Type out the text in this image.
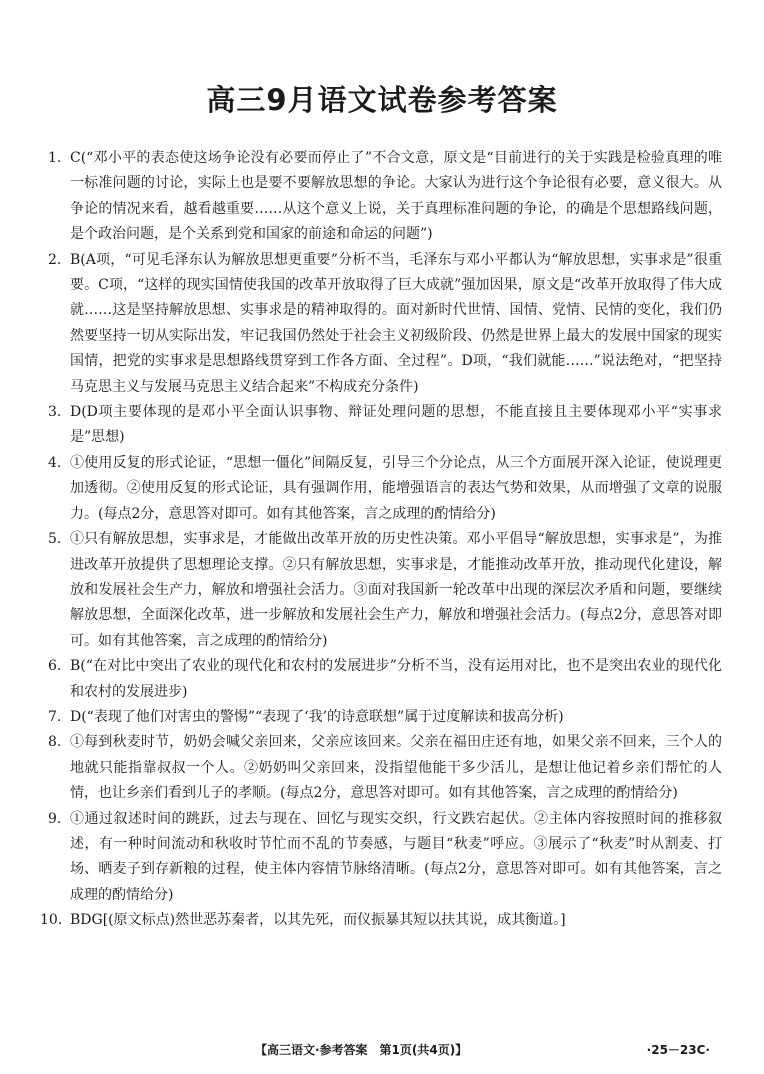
高三9月语文试卷参考答案

1. C(“邓小平的表态使这场争论没有必要而停止了”不合文意，原文是“目前进行的关于实践是检验真理的唯一标准问题的讨论，实际上也是要不要解放思想的争论。大家认为进行这个争论很有必要，意义很大。从争论的情况来看，越看越重要……从这个意义上说，关于真理标准问题的争论，的确是个思想路线问题，是个政治问题，是个关系到党和国家的前途和命运的问题”)

2. B(A项，“可见毛泽东认为解放思想更重要”分析不当，毛泽东与邓小平都认为“解放思想，实事求是”很重要。C项，“这样的现实国情使我国的改革开放取得了巨大成就”强加因果，原文是“改革开放取得了伟大成就……这是坚持解放思想、实事求是的精神取得的。面对新时代世情、国情、党情、民情的变化，我们仍然要坚持一切从实际出发，牢记我国仍然处于社会主义初级阶段、仍然是世界上最大的发展中国家的现实国情，把党的实事求是思想路线贯穿到工作各方面、全过程”。D项，“我们就能……”说法绝对，“把坚持马克思主义与发展马克思主义结合起来”不构成充分条件)

3. D(D项主要体现的是邓小平全面认识事物、辩证处理问题的思想，不能直接且主要体现邓小平“实事求是”思想)

4. ①使用反复的形式论证，“思想一僵化”间隔反复，引导三个分论点，从三个方面展开深入论证，使说理更加透彻。②使用反复的形式论证，具有强调作用，能增强语言的表达气势和效果，从而增强了文章的说服力。(每点2分，意思答对即可。如有其他答案，言之成理的酌情给分)

5. ①只有解放思想，实事求是，才能做出改革开放的历史性决策。邓小平倡导“解放思想，实事求是”，为推进改革开放提供了思想理论支撑。②只有解放思想，实事求是，才能推动改革开放，推动现代化建设，解放和发展社会生产力，解放和增强社会活力。③面对我国新一轮改革中出现的深层次矛盾和问题，要继续解放思想，全面深化改革，进一步解放和发展社会生产力，解放和增强社会活力。(每点2分，意思答对即可。如有其他答案，言之成理的酌情给分)

6. B(“在对比中突出了农业的现代化和农村的发展进步”分析不当，没有运用对比，也不是突出农业的现代化和农村的发展进步)

7. D(“表现了他们对害虫的警惕”“表现了‘我’的诗意联想”属于过度解读和拔高分析)

8. ①每到秋麦时节，奶奶会喊父亲回来，父亲应该回来。父亲在福田庄还有地，如果父亲不回来，三个人的地就只能指靠叔叔一个人。②奶奶叫父亲回来，没指望他能干多少活儿，是想让他记着乡亲们帮忙的人情，也让乡亲们看到儿子的孝顺。(每点2分，意思答对即可。如有其他答案，言之成理的酌情给分)

9. ①通过叙述时间的跳跃，过去与现在、回忆与现实交织，行文跌宕起伏。②主体内容按照时间的推移叙述，有一种时间流动和秋收时节忙而不乱的节奏感，与题目“秋麦”呼应。③展示了“秋麦”时从割麦、打场、晒麦子到存新粮的过程，使主体内容情节脉络清晰。(每点2分，意思答对即可。如有其他答案，言之成理的酌情给分)

10. BDG[(原文标点)然世恶苏秦者，以其先死，而仪振暴其短以扶其说，成其衡道。]

【高三语文·参考答案　第1页(共4页)】	·25－23C·
